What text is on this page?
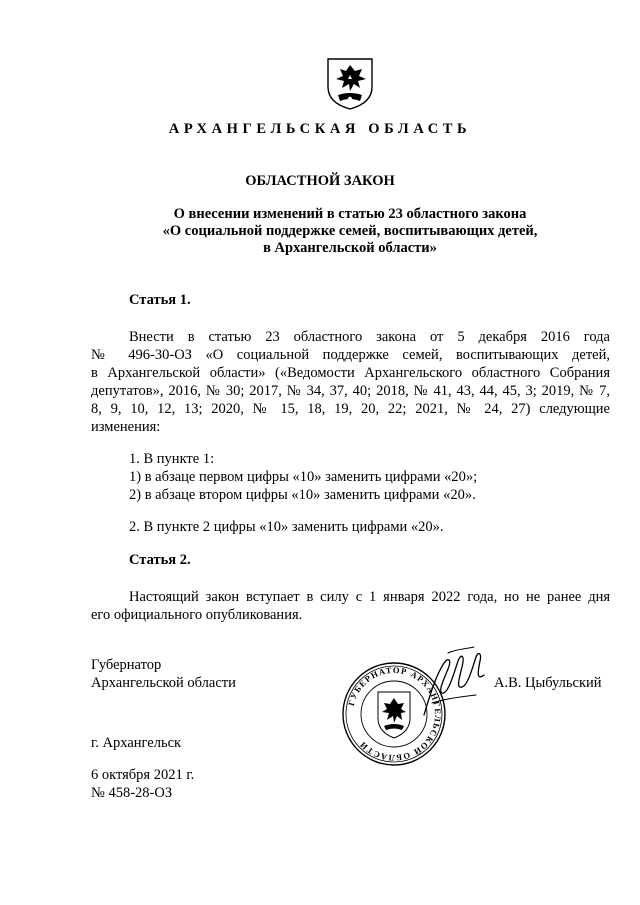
АРХАНГЕЛЬСКАЯ ОБЛАСТЬ
ОБЛАСТНОЙ ЗАКОН
О внесении изменений в статью 23 областного закона
«О социальной поддержке семей, воспитывающих детей,
в Архангельской области»
Статья 1.
Внести в статью 23 областного закона от 5 декабря 2016 года
№ 496-30-ОЗ «О социальной поддержке семей, воспитывающих детей,
в Архангельской области» («Ведомости Архангельского областного Собрания
депутатов», 2016, № 30; 2017, № 34, 37, 40; 2018, № 41, 43, 44, 45, 3; 2019, № 7,
8, 9, 10, 12, 13; 2020, № 15, 18, 19, 20, 22; 2021, № 24, 27) следующие
изменения:
1. В пункте 1:
1) в абзаце первом цифры «10» заменить цифрами «20»;
2) в абзаце втором цифры «10» заменить цифрами «20».
2. В пункте 2 цифры «10» заменить цифрами «20».
Статья 2.
Настоящий закон вступает в силу с 1 января 2022 года, но не ранее дня
его официального опубликования.
Губернатор
Архангельской области	А.В. Цыбульский
ГУБЕРНАТОР АРХАНГЕЛЬСКОЙ ОБЛАСТИ
г. Архангельск
6 октября 2021 г.
№ 458-28-ОЗ
